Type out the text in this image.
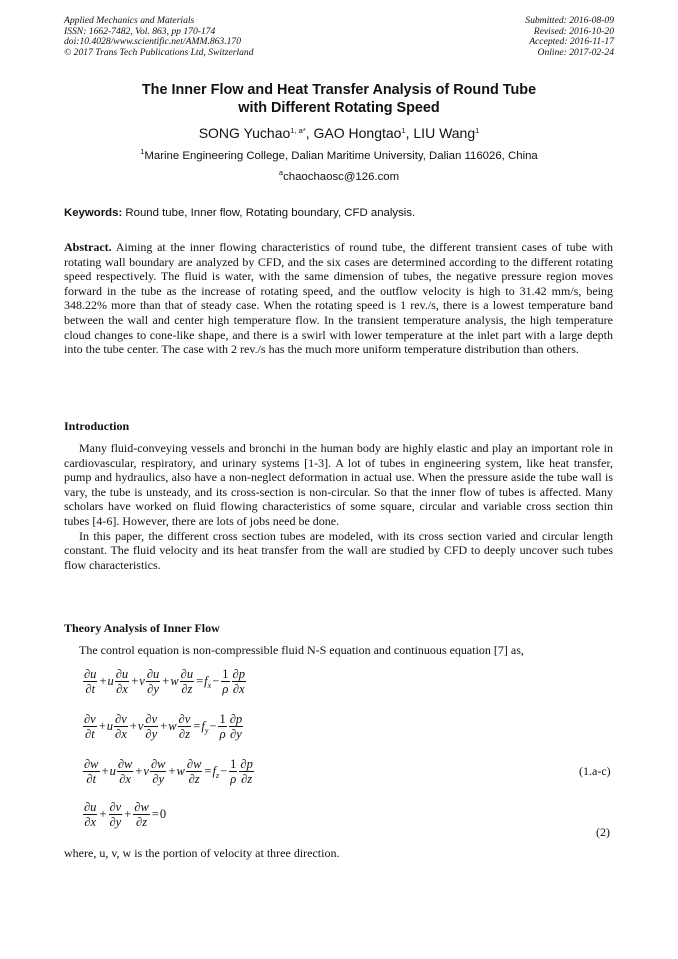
Applied Mechanics and Materials
ISSN: 1662-7482, Vol. 863, pp 170-174
doi:10.4028/www.scientific.net/AMM.863.170
© 2017 Trans Tech Publications Ltd, Switzerland
Submitted: 2016-08-09
Revised: 2016-10-20
Accepted: 2016-11-17
Online: 2017-02-24
The Inner Flow and Heat Transfer Analysis of Round Tube
with Different Rotating Speed
SONG Yuchao$^{1, a*}$, GAO Hongtao$^1$, LIU Wang$^1$
$^1$Marine Engineering College, Dalian Maritime University, Dalian 116026, China
$^a$chaochaosc@126.com
Keywords: Round tube, Inner flow, Rotating boundary, CFD analysis.
Abstract. Aiming at the inner flowing characteristics of round tube, the different transient cases of tube with rotating wall boundary are analyzed by CFD, and the six cases are determined according to the different rotating speed respectively. The fluid is water, with the same dimension of tubes, the negative pressure region moves forward in the tube as the increase of rotating speed, and the outflow velocity is high to 31.42 mm/s, being 348.22% more than that of steady case. When the rotating speed is 1 rev./s, there is a lowest temperature band between the wall and center high temperature flow. In the transient temperature analysis, the high temperature cloud changes to cone-like shape, and there is a swirl with lower temperature at the inlet part with a large depth into the tube center. The case with 2 rev./s has the much more uniform temperature distribution than others.
Introduction

Many fluid-conveying vessels and bronchi in the human body are highly elastic and play an important role in cardiovascular, respiratory, and urinary systems [1-3]. A lot of tubes in engineering system, like heat transfer, pump and hydraulics, also have a non-neglect deformation in actual use. When the pressure aside the tube wall is vary, the tube is unsteady, and its cross-section is non-circular. So that the inner flow of tubes is affected. Many scholars have worked on fluid flowing characteristics of some square, circular and variable cross section thin tubes [4-6]. However, there are lots of jobs need be done.

In this paper, the different cross section tubes are modeled, with its cross section varied and circular length constant. The fluid velocity and its heat transfer from the wall are studied by CFD to deeply uncover such tubes flow characteristics.

Theory Analysis of Inner Flow
The control equation is non-compressible fluid N-S equation and continuous equation [7] as,
$\frac{\partial u}{\partial t} +u \frac{\partial u}{\partial x} +v \frac{\partial u}{\partial y} +w \frac{\partial u}{\partial z} =f_x- \frac{1}{\rho} \frac{\partial p}{\partial x}$
$\frac{\partial v}{\partial t} +u \frac{\partial v}{\partial x} +v \frac{\partial v}{\partial y} +w \frac{\partial v}{\partial z} =f_y- \frac{1}{\rho} \frac{\partial p}{\partial y}$
$\frac{\partial w}{\partial t} +u \frac{\partial w}{\partial x} +v \frac{\partial w}{\partial y} +w \frac{\partial w}{\partial z} =f_z- \frac{1}{\rho} \frac{\partial p}{\partial z}$	(1.a-c)
$\frac{\partial u}{\partial x} + \frac{\partial v}{\partial y} + \frac{\partial w}{\partial z} =0$
(2)
where, u, v, w is the portion of velocity at three direction.
